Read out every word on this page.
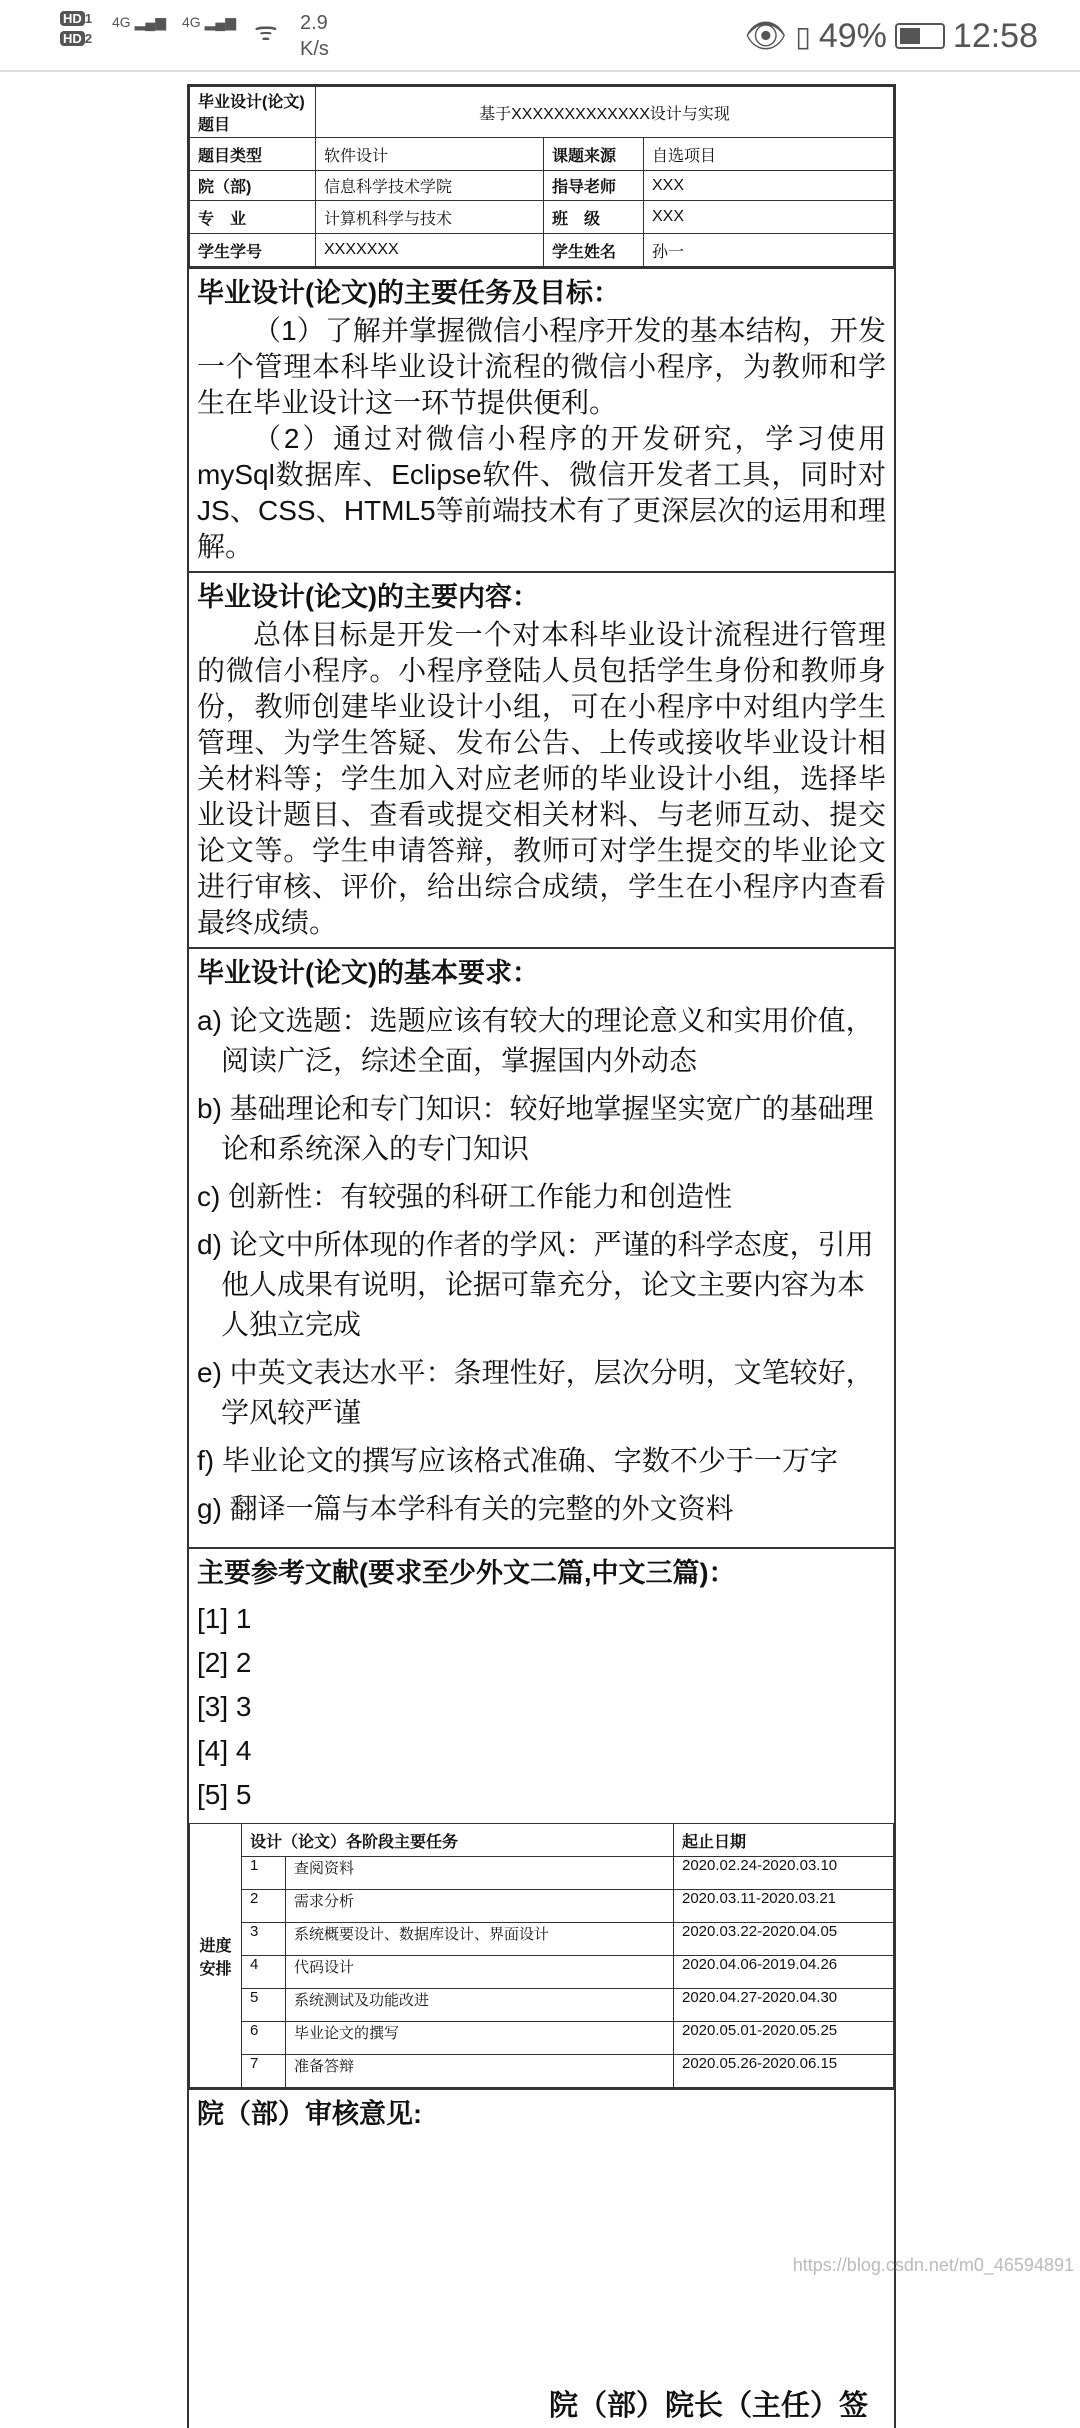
HD 1
HD 2
4G ▂▄▆ 4G ▂▄▆ ᯤ 2.9
K/s	👁 ▯ 49% 12:58
毕业设计(论文)题目	基于XXXXXXXXXXXXX设计与实现		
题目类型	软件设计	课题来源	自选项目
院（部)	信息科学技术学院	指导老师	XXX
专　业	计算机科学与技术	班　级	XXX
学生学号	XXXXXXX	学生姓名	孙一
毕业设计(论文)的主要任务及目标：

（1）了解并掌握微信小程序开发的基本结构，开发一个管理本科毕业设计流程的微信小程序，为教师和学生在毕业设计这一环节提供便利。

（2）通过对微信小程序的开发研究，学习使用mySql数据库、Eclipse软件、微信开发者工具，同时对JS、CSS、HTML5等前端技术有了更深层次的运用和理解。

毕业设计(论文)的主要内容：

总体目标是开发一个对本科毕业设计流程进行管理的微信小程序。小程序登陆人员包括学生身份和教师身份，教师创建毕业设计小组，可在小程序中对组内学生管理、为学生答疑、发布公告、上传或接收毕业设计相关材料等；学生加入对应老师的毕业设计小组，选择毕业设计题目、查看或提交相关材料、与老师互动、提交论文等。学生申请答辩，教师可对学生提交的毕业论文进行审核、评价，给出综合成绩，学生在小程序内查看最终成绩。

毕业设计(论文)的基本要求：
a) 论文选题：选题应该有较大的理论意义和实用价值，阅读广泛，综述全面，掌握国内外动态
b) 基础理论和专门知识：较好地掌握坚实宽广的基础理论和系统深入的专门知识
c) 创新性：有较强的科研工作能力和创造性
d) 论文中所体现的作者的学风：严谨的科学态度，引用他人成果有说明，论据可靠充分，论文主要内容为本人独立完成
e) 中英文表达水平：条理性好，层次分明，文笔较好，学风较严谨
f) 毕业论文的撰写应该格式准确、字数不少于一万字
g) 翻译一篇与本学科有关的完整的外文资料
主要参考文献(要求至少外文二篇,中文三篇)：
[1] 1
[2] 2
[3] 3
[4] 4
[5] 5
进度安排	设计（论文）各阶段主要任务		起止日期
	1	查阅资料	2020.02.24-2020.03.10
	2	需求分析	2020.03.11-2020.03.21
	3	系统概要设计、数据库设计、界面设计	2020.03.22-2020.04.05
	4	代码设计	2020.04.06-2019.04.26
	5	系统测试及功能改进	2020.04.27-2020.04.30
	6	毕业论文的撰写	2020.05.01-2020.05.25
	7	准备答辩	2020.05.26-2020.06.15
院（部）审核意见:
院（部）院长（主任）签
https://blog.csdn.net/m0_46594891
